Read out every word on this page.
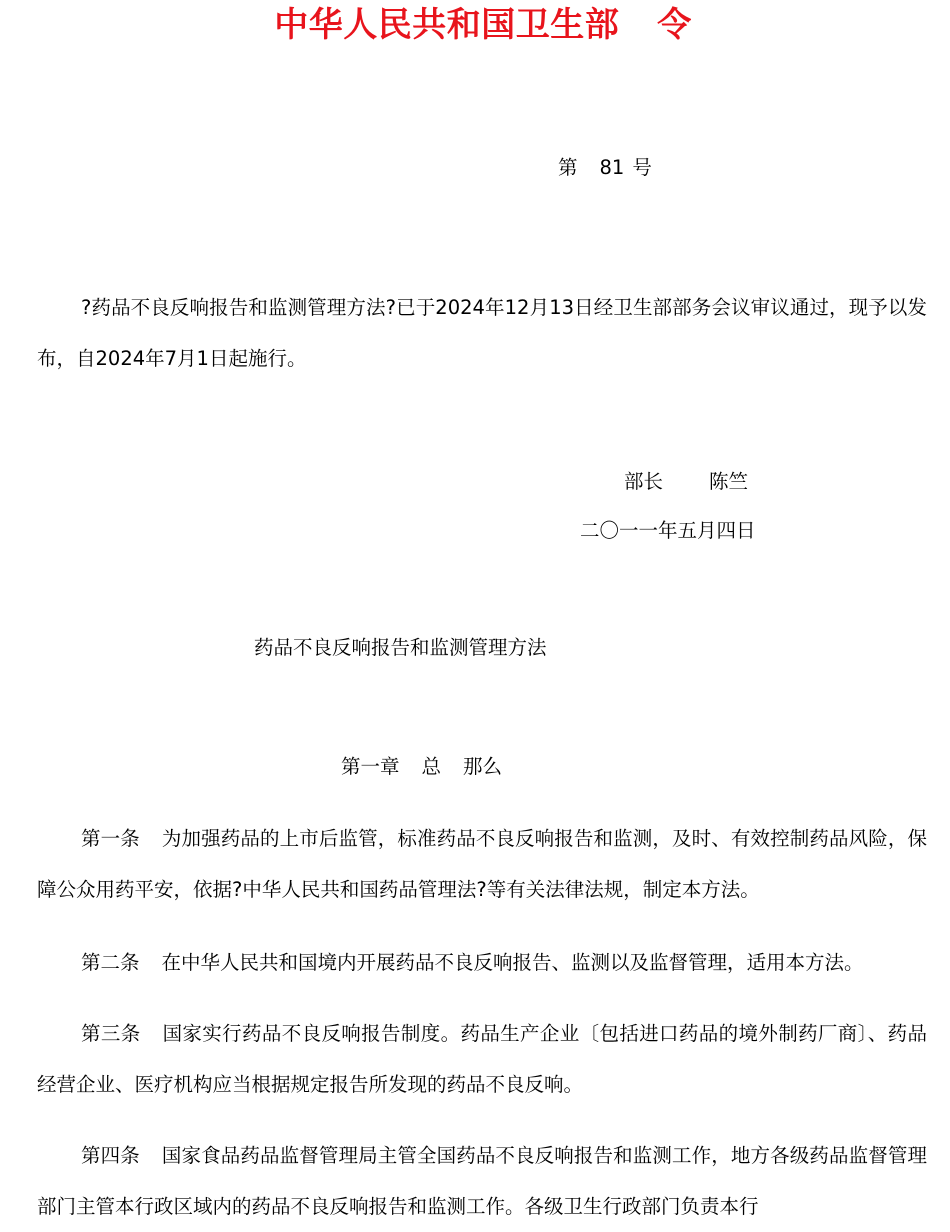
中华人民共和国卫生部 令
第 81 号
?药品不良反响报告和监测管理方法?已于2024年12月13日经卫生部部务会议审议通过，现予以发布，自2024年7月1日起施行。
部长 陈竺
二〇一一年五月四日
药品不良反响报告和监测管理方法
第一章 总 那么
第一条 为加强药品的上市后监管，标准药品不良反响报告和监测，及时、有效控制药品风险，保障公众用药平安，依据?中华人民共和国药品管理法?等有关法律法规，制定本方法。
第二条 在中华人民共和国境内开展药品不良反响报告、监测以及监督管理，适用本方法。
第三条 国家实行药品不良反响报告制度。药品生产企业〔包括进口药品的境外制药厂商〕、药品经营企业、医疗机构应当根据规定报告所发现的药品不良反响。
第四条 国家食品药品监督管理局主管全国药品不良反响报告和监测工作，地方各级药品监督管理部门主管本行政区域内的药品不良反响报告和监测工作。各级卫生行政部门负责本行
